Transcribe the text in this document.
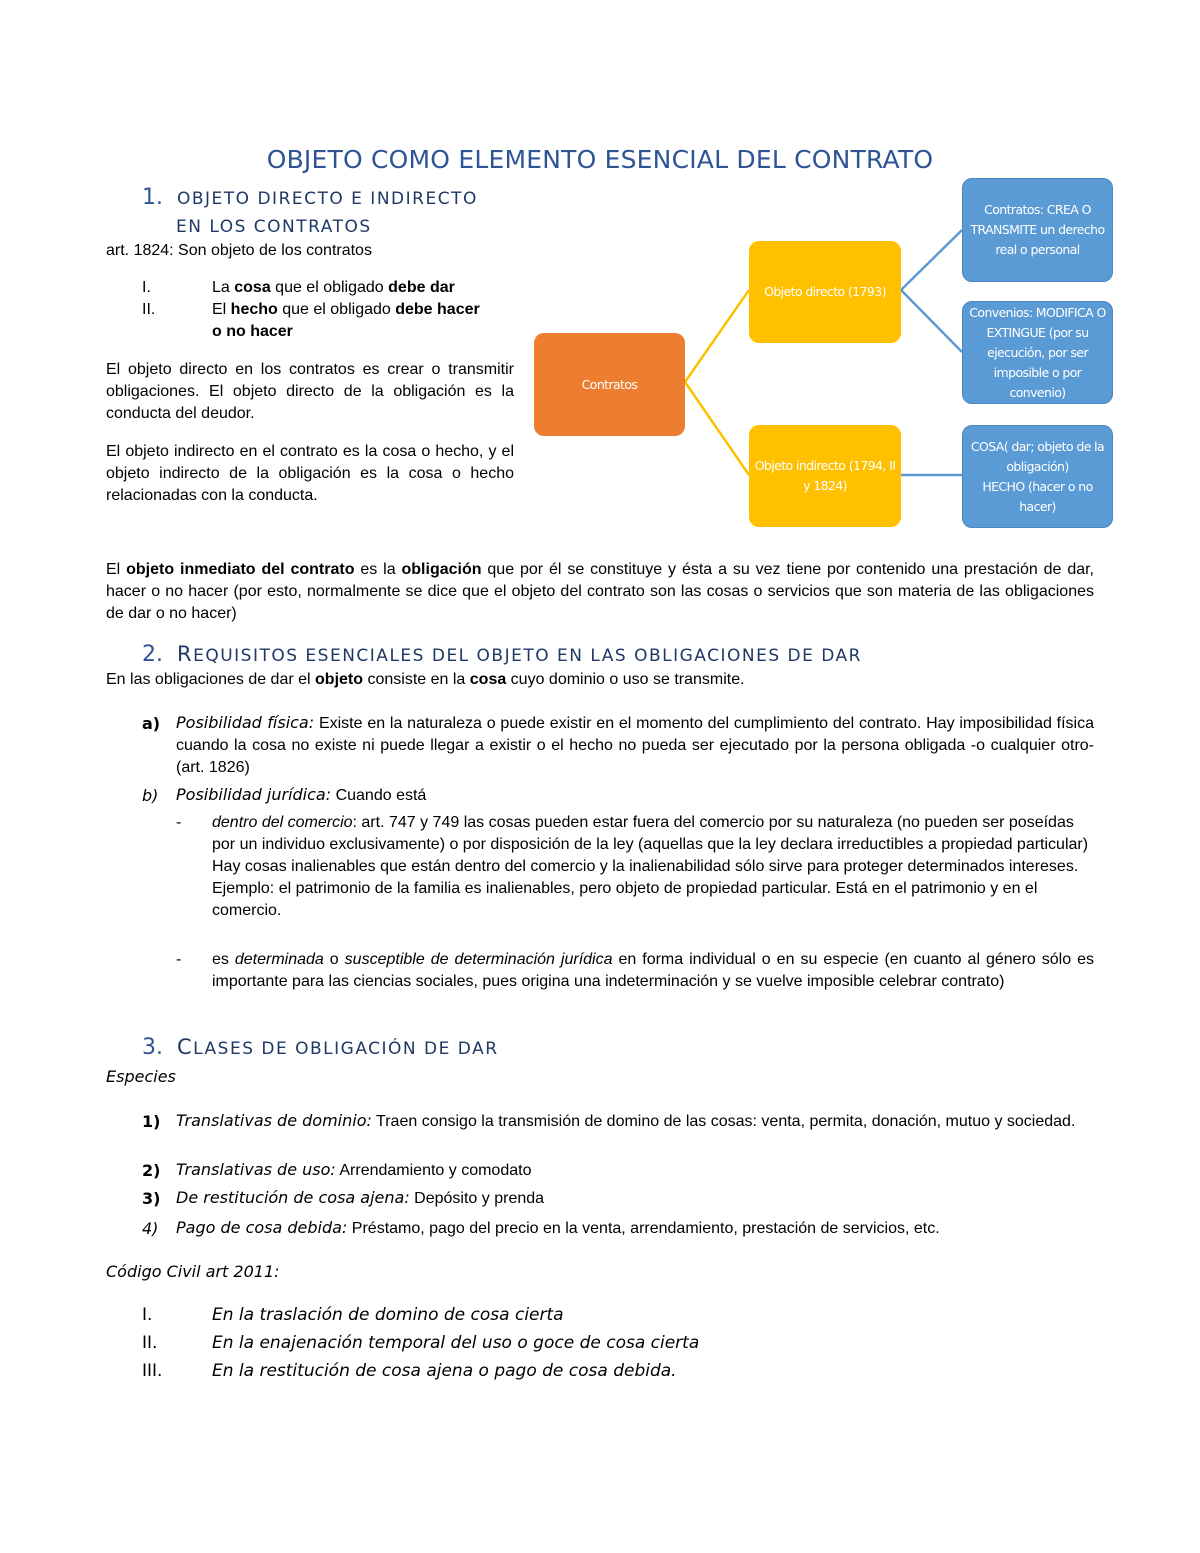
OBJETO COMO ELEMENTO ESENCIAL DEL CONTRATO
1. OBJETO DIRECTO E INDIRECTO
EN LOS CONTRATOS
art. 1824: Son objeto de los contratos
I.	La cosa que el obligado debe dar
II.	El hecho que el obligado debe hacer
o no hacer
El objeto directo en los contratos es crear o transmitir obligaciones. El objeto directo de la obligación es la conducta del deudor.
El objeto indirecto en el contrato es la cosa o hecho, y el objeto indirecto de la obligación es la cosa o hecho relacionadas con la conducta.
Contratos
Objeto directo (1793)
Objeto indirecto (1794, II y 1824)
Contratos: CREA O TRANSMITE un derecho real o personal
Convenios: MODIFICA O EXTINGUE (por su ejecución, por ser imposible o por convenio)
COSA( dar; objeto de la obligación)
HECHO (hacer o no hacer)
El objeto inmediato del contrato es la obligación que por él se constituye y ésta a su vez tiene por contenido una prestación de dar, hacer o no hacer (por esto, normalmente se dice que el objeto del contrato son las cosas o servicios que son materia de las obligaciones de dar o no hacer)
2. REQUISITOS ESENCIALES DEL OBJETO EN LAS OBLIGACIONES DE DAR
En las obligaciones de dar el objeto consiste en la cosa cuyo dominio o uso se transmite.
a) Posibilidad física: Existe en la naturaleza o puede existir en el momento del cumplimiento del contrato. Hay imposibilidad física cuando la cosa no existe ni puede llegar a existir o el hecho no pueda ser ejecutado por la persona obligada -o cualquier otro- (art. 1826)
b) Posibilidad jurídica: Cuando está
- dentro del comercio: art. 747 y 749 las cosas pueden estar fuera del comercio por su naturaleza (no pueden ser poseídas por un individuo exclusivamente) o por disposición de la ley (aquellas que la ley declara irreductibles a propiedad particular)
Hay cosas inalienables que están dentro del comercio y la inalienabilidad sólo sirve para proteger determinados intereses. Ejemplo: el patrimonio de la familia es inalienables, pero objeto de propiedad particular. Está en el patrimonio y en el comercio.
- es determinada o susceptible de determinación jurídica en forma individual o en su especie (en cuanto al género sólo es importante para las ciencias sociales, pues origina una indeterminación y se vuelve imposible celebrar contrato)
3. CLASES DE OBLIGACIÓN DE DAR
Especies
1) Translativas de dominio: Traen consigo la transmisión de domino de las cosas: venta, permita, donación, mutuo y sociedad.
2) Translativas de uso: Arrendamiento y comodato
3) De restitución de cosa ajena: Depósito y prenda
4) Pago de cosa debida: Préstamo, pago del precio en la venta, arrendamiento, prestación de servicios, etc.
Código Civil art 2011:
I.	En la traslación de domino de cosa cierta
II.	En la enajenación temporal del uso o goce de cosa cierta
III.	En la restitución de cosa ajena o pago de cosa debida.
